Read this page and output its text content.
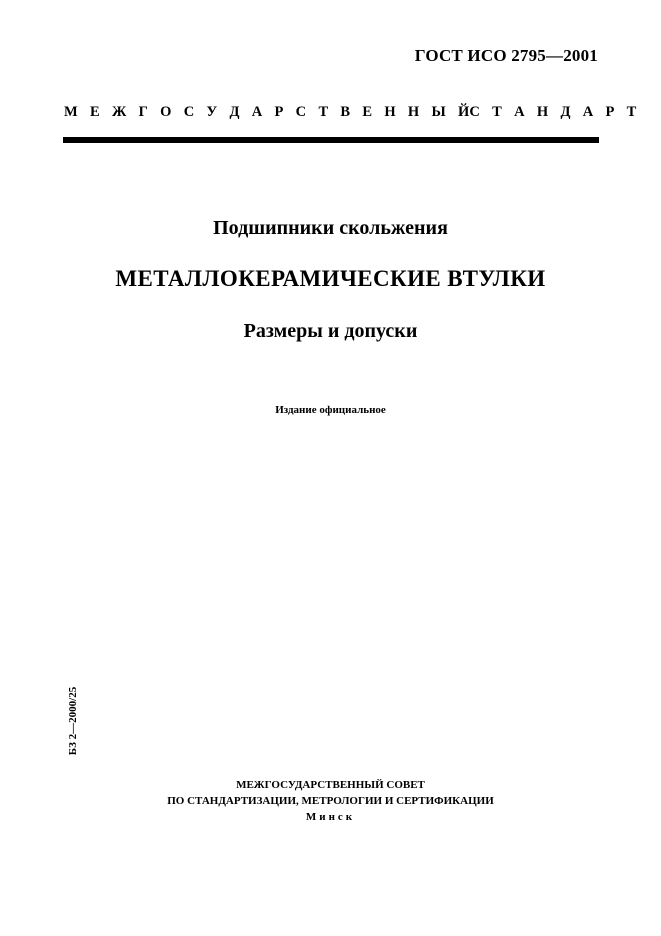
ГОСТ ИСО 2795—2001
М Е Ж Г О С У Д А Р С Т В Е Н Н Ы Й С Т А Н Д А Р Т
Подшипники скольжения
МЕТАЛЛОКЕРАМИЧЕСКИЕ ВТУЛКИ
Размеры и допуски
Издание официальное
БЗ 2—2000/25
МЕЖГОСУДАРСТВЕННЫЙ СОВЕТ
ПО СТАНДАРТИЗАЦИИ, МЕТРОЛОГИИ И СЕРТИФИКАЦИИ
Минск
